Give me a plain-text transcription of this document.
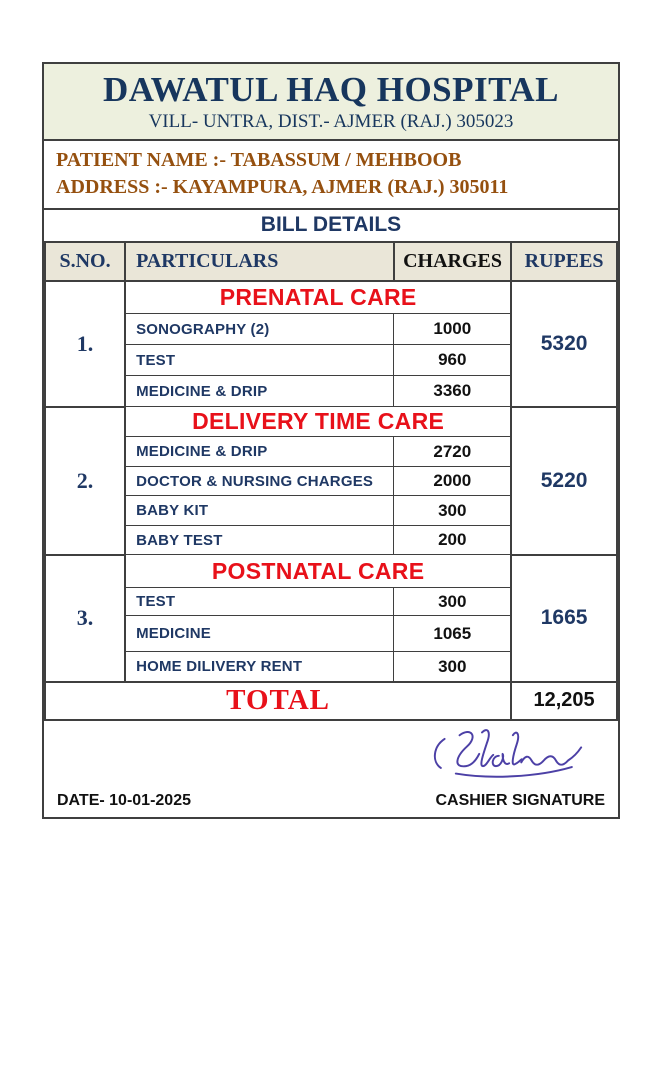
DAWATUL HAQ HOSPITAL
VILL- UNTRA, DIST.- AJMER (RAJ.) 305023
PATIENT NAME :- TABASSUM / MEHBOOB
ADDRESS :- KAYAMPURA, AJMER (RAJ.) 305011
BILL DETAILS
S.NO.	PARTICULARS	CHARGES	RUPEES
1.	PRENATAL CARE		5320
	SONOGRAPHY (2)	1000	
	TEST	960	
	MEDICINE & DRIP	3360	
2.	DELIVERY TIME CARE		5220
	MEDICINE & DRIP	2720	
	DOCTOR & NURSING CHARGES	2000	
	BABY KIT	300	
	BABY TEST	200	
3.	POSTNATAL CARE		1665
	TEST	300	
	MEDICINE	1065	
	HOME DILIVERY RENT	300	
TOTAL			12,205
DATE- 10-01-2025	CASHIER SIGNATURE
